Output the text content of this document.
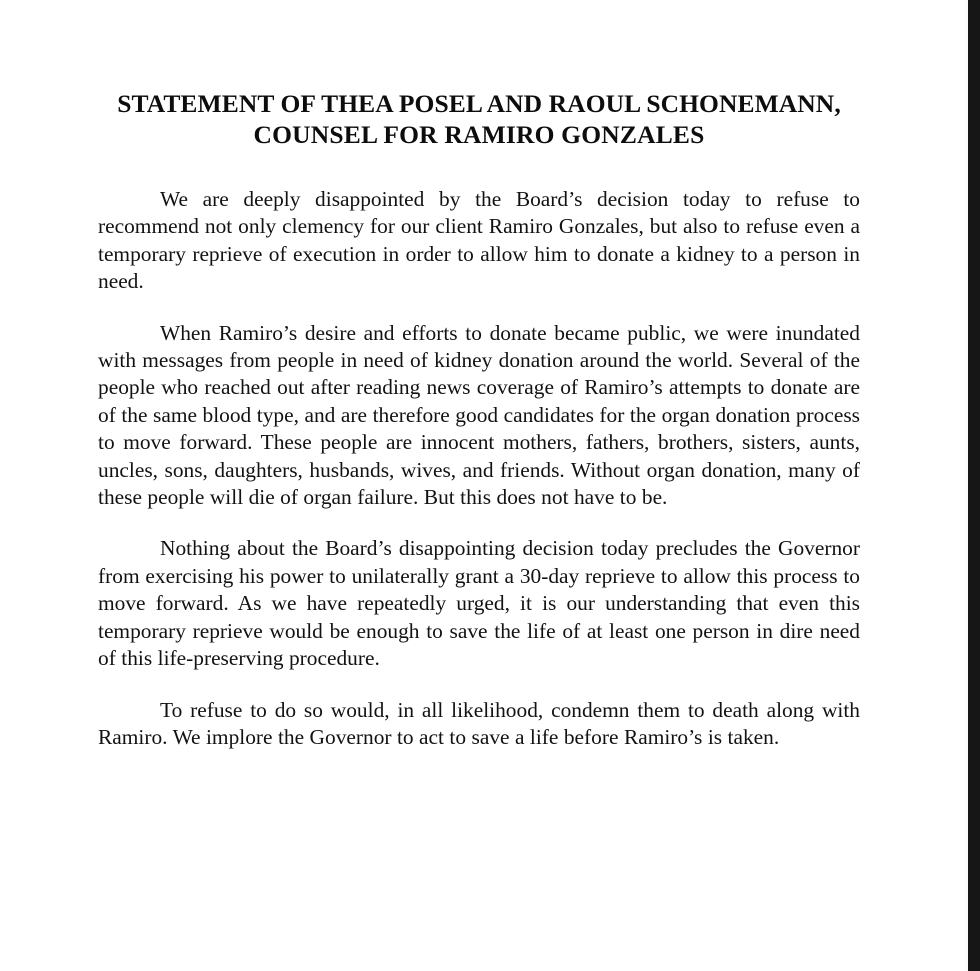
STATEMENT OF THEA POSEL AND RAOUL SCHONEMANN,
COUNSEL FOR RAMIRO GONZALES

We are deeply disappointed by the Board’s decision today to refuse to recommend not only clemency for our client Ramiro Gonzales, but also to refuse even a temporary reprieve of execution in order to allow him to donate a kidney to a person in need.

When Ramiro’s desire and efforts to donate became public, we were inundated with messages from people in need of kidney donation around the world. Several of the people who reached out after reading news coverage of Ramiro’s attempts to donate are of the same blood type, and are therefore good candidates for the organ donation process to move forward. These people are innocent mothers, fathers, brothers, sisters, aunts, uncles, sons, daughters, husbands, wives, and friends. Without organ donation, many of these people will die of organ failure. But this does not have to be.

Nothing about the Board’s disappointing decision today precludes the Governor from exercising his power to unilaterally grant a 30-day reprieve to allow this process to move forward. As we have repeatedly urged, it is our understanding that even this temporary reprieve would be enough to save the life of at least one person in dire need of this life-preserving procedure.

To refuse to do so would, in all likelihood, condemn them to death along with Ramiro. We implore the Governor to act to save a life before Ramiro’s is taken.
